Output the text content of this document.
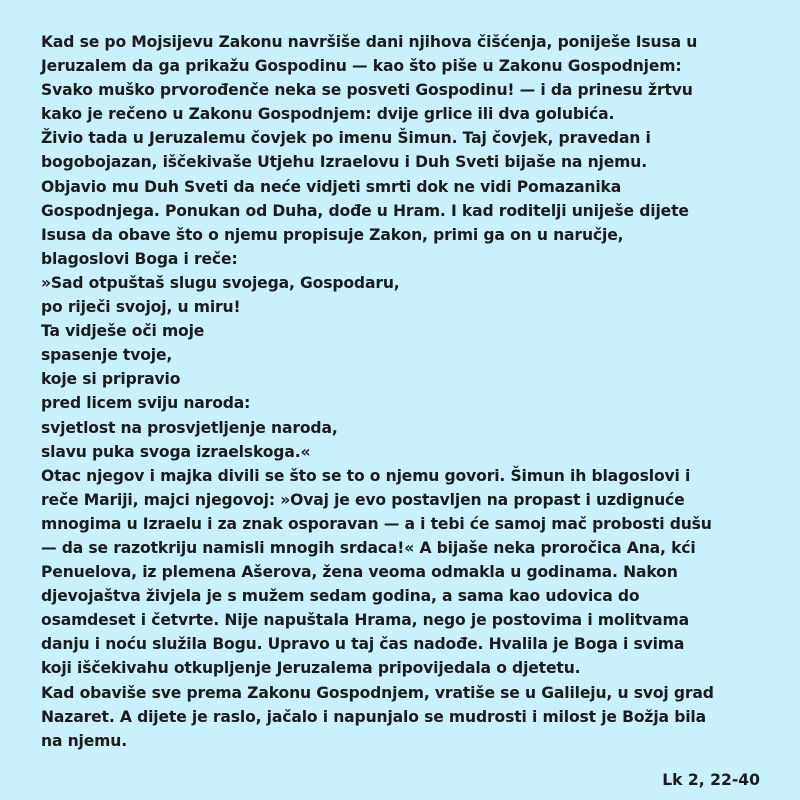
Kad se po Mojsijevu Zakonu navršiše dani njihova čišćenja, poniješe Isusa u
Jeruzalem da ga prikažu Gospodinu — kao što piše u Zakonu Gospodnjem:
Svako muško prvorođenče neka se posveti Gospodinu! — i da prinesu žrtvu
kako je rečeno u Zakonu Gospodnjem: dvije grlice ili dva golubića.
Živio tada u Jeruzalemu čovjek po imenu Šimun. Taj čovjek, pravedan i
bogobojazan, iščekivaše Utjehu Izraelovu i Duh Sveti bijaše na njemu.
Objavio mu Duh Sveti da neće vidjeti smrti dok ne vidi Pomazanika
Gospodnjega. Ponukan od Duha, dođe u Hram. I kad roditelji uniješe dijete
Isusa da obave što o njemu propisuje Zakon, primi ga on u naručje,
blagoslovi Boga i reče:
»Sad otpuštaš slugu svojega, Gospodaru,
po riječi svojoj, u miru!
Ta vidješe oči moje
spasenje tvoje,
koje si pripravio
pred licem sviju naroda:
svjetlost na prosvjetljenje naroda,
slavu puka svoga izraelskoga.«
Otac njegov i majka divili se što se to o njemu govori. Šimun ih blagoslovi i
reče Mariji, majci njegovoj: »Ovaj je evo postavljen na propast i uzdignuće
mnogima u Izraelu i za znak osporavan — a i tebi će samoj mač probosti dušu
— da se razotkriju namisli mnogih srdaca!« A bijaše neka proročica Ana, kći
Penuelova, iz plemena Ašerova, žena veoma odmakla u godinama. Nakon
djevojaštva živjela je s mužem sedam godina, a sama kao udovica do
osamdeset i četvrte. Nije napuštala Hrama, nego je postovima i molitvama
danju i noću služila Bogu. Upravo u taj čas nadođe. Hvalila je Boga i svima
koji iščekivahu otkupljenje Jeruzalema pripovijedala o djetetu.
Kad obaviše sve prema Zakonu Gospodnjem, vratiše se u Galileju, u svoj grad
Nazaret. A dijete je raslo, jačalo i napunjalo se mudrosti i milost je Božja bila
na njemu.
Lk 2, 22-40
